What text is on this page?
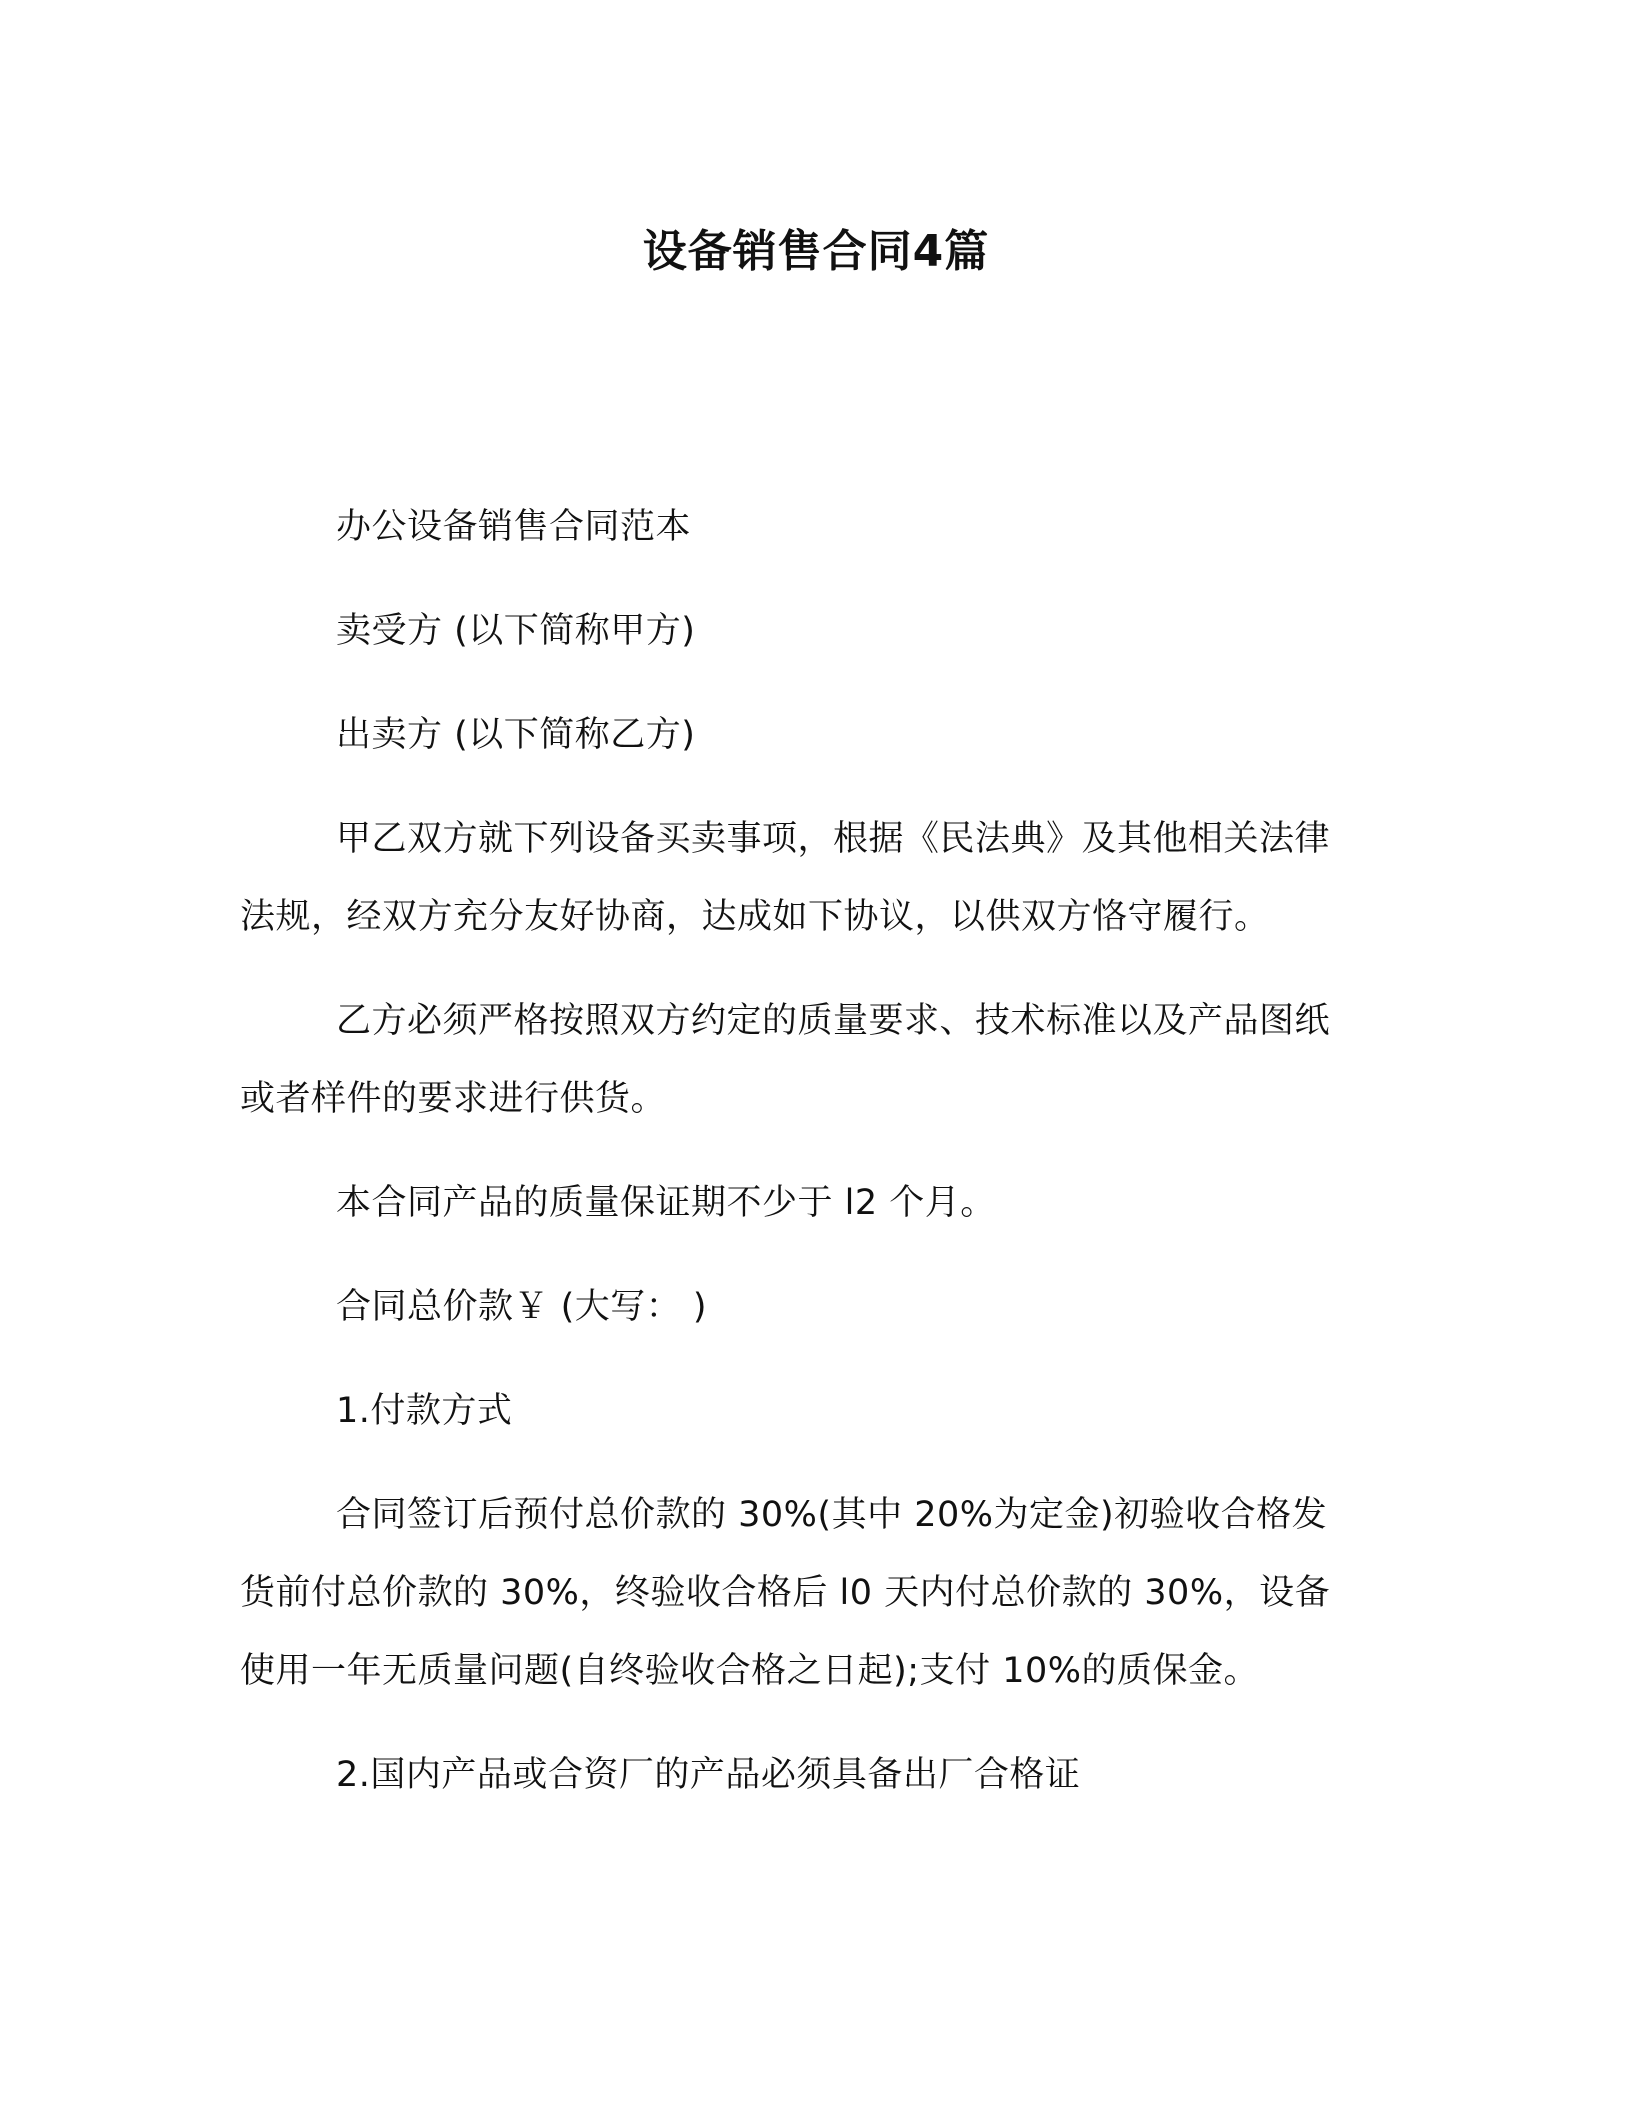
设备销售合同4篇
办公设备销售合同范本
卖受方 (以下简称甲方)
出卖方 (以下简称乙方)
甲乙双方就下列设备买卖事项，根据《民法典》及其他相关法律
法规，经双方充分友好协商，达成如下协议，以供双方恪守履行。
乙方必须严格按照双方约定的质量要求、技术标准以及产品图纸
或者样件的要求进行供货。
本合同产品的质量保证期不少于 l2 个月。
合同总价款￥ (大写： )
1.付款方式
合同签订后预付总价款的 30%(其中 20%为定金)初验收合格发
货前付总价款的 30%，终验收合格后 l0 天内付总价款的 30%，设备
使用一年无质量问题(自终验收合格之日起);支付 10%的质保金。
2.国内产品或合资厂的产品必须具备出厂合格证
